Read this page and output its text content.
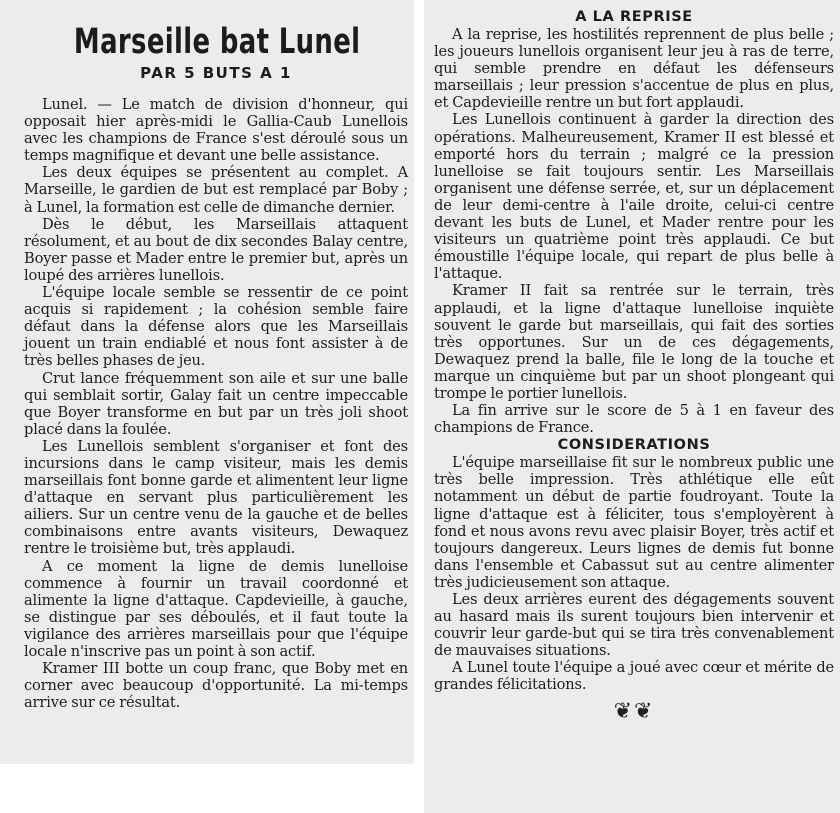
Marseille bat Lunel
PAR 5 BUTS A 1

Lunel. — Le match de division d'honneur, qui opposait hier après-midi le Gallia-Caub Lunellois avec les champions de France s'est déroulé sous un temps magnifique et devant une belle assistance.

Les deux équipes se présentent au complet. A Marseille, le gardien de but est remplacé par Boby ; à Lunel, la formation est celle de dimanche dernier.

Dès le début, les Marseillais attaquent résolument, et au bout de dix secondes Balay centre, Boyer passe et Mader entre le premier but, après un loupé des arrières lunellois.

L'équipe locale semble se ressentir de ce point acquis si rapidement ; la cohésion semble faire défaut dans la défense alors que les Marseillais jouent un train endiablé et nous font assister à de très belles phases de jeu.

Crut lance fréquemment son aile et sur une balle qui semblait sortir, Galay fait un centre impeccable que Boyer transforme en but par un très joli shoot placé dans la foulée.

Les Lunellois semblent s'organiser et font des incursions dans le camp visiteur, mais les demis marseillais font bonne garde et alimentent leur ligne d'attaque en servant plus particulièrement les ailiers. Sur un centre venu de la gauche et de belles combinaisons entre avants visiteurs, Dewaquez rentre le troisième but, très applaudi.

A ce moment la ligne de demis lunelloise commence à fournir un travail coordonné et alimente la ligne d'attaque. Capdevieille, à gauche, se distingue par ses déboulés, et il faut toute la vigilance des arrières marseillais pour que l'équipe locale n'inscrive pas un point à son actif.

Kramer III botte un coup franc, que Boby met en corner avec beaucoup d'opportunité. La mi-temps arrive sur ce résultat.

A LA REPRISE

A la reprise, les hostilités reprennent de plus belle ; les joueurs lunellois organisent leur jeu à ras de terre, qui semble prendre en défaut les défenseurs marseillais ; leur pression s'accentue de plus en plus, et Capdevieille rentre un but fort applaudi.

Les Lunellois continuent à garder la direction des opérations. Malheureusement, Kramer II est blessé et emporté hors du terrain ; malgré ce la pression lunelloise se fait toujours sentir. Les Marseillais organisent une défense serrée, et, sur un déplacement de leur demi-centre à l'aile droite, celui-ci centre devant les buts de Lunel, et Mader rentre pour les visiteurs un quatrième point très applaudi. Ce but émoustille l'équipe locale, qui repart de plus belle à l'attaque.

Kramer II fait sa rentrée sur le terrain, très applaudi, et la ligne d'attaque lunelloise inquiète souvent le garde but marseillais, qui fait des sorties très opportunes. Sur un de ces dégagements, Dewaquez prend la balle, file le long de la touche et marque un cinquième but par un shoot plongeant qui trompe le portier lunellois.

La fin arrive sur le score de 5 à 1 en faveur des champions de France.

CONSIDERATIONS

L'équipe marseillaise fit sur le nombreux public une très belle impression. Très athlétique elle eût notamment un début de partie foudroyant. Toute la ligne d'attaque est à féliciter, tous s'employèrent à fond et nous avons revu avec plaisir Boyer, très actif et toujours dangereux. Leurs lignes de demis fut bonne dans l'ensemble et Cabassut sut au centre alimenter très judicieusement son attaque.

Les deux arrières eurent des dégagements souvent au hasard mais ils surent toujours bien intervenir et couvrir leur garde-but qui se tira très convenablement de mauvaises situations.

A Lunel toute l'équipe a joué avec cœur et mérite de grandes félicitations.

❦❦
